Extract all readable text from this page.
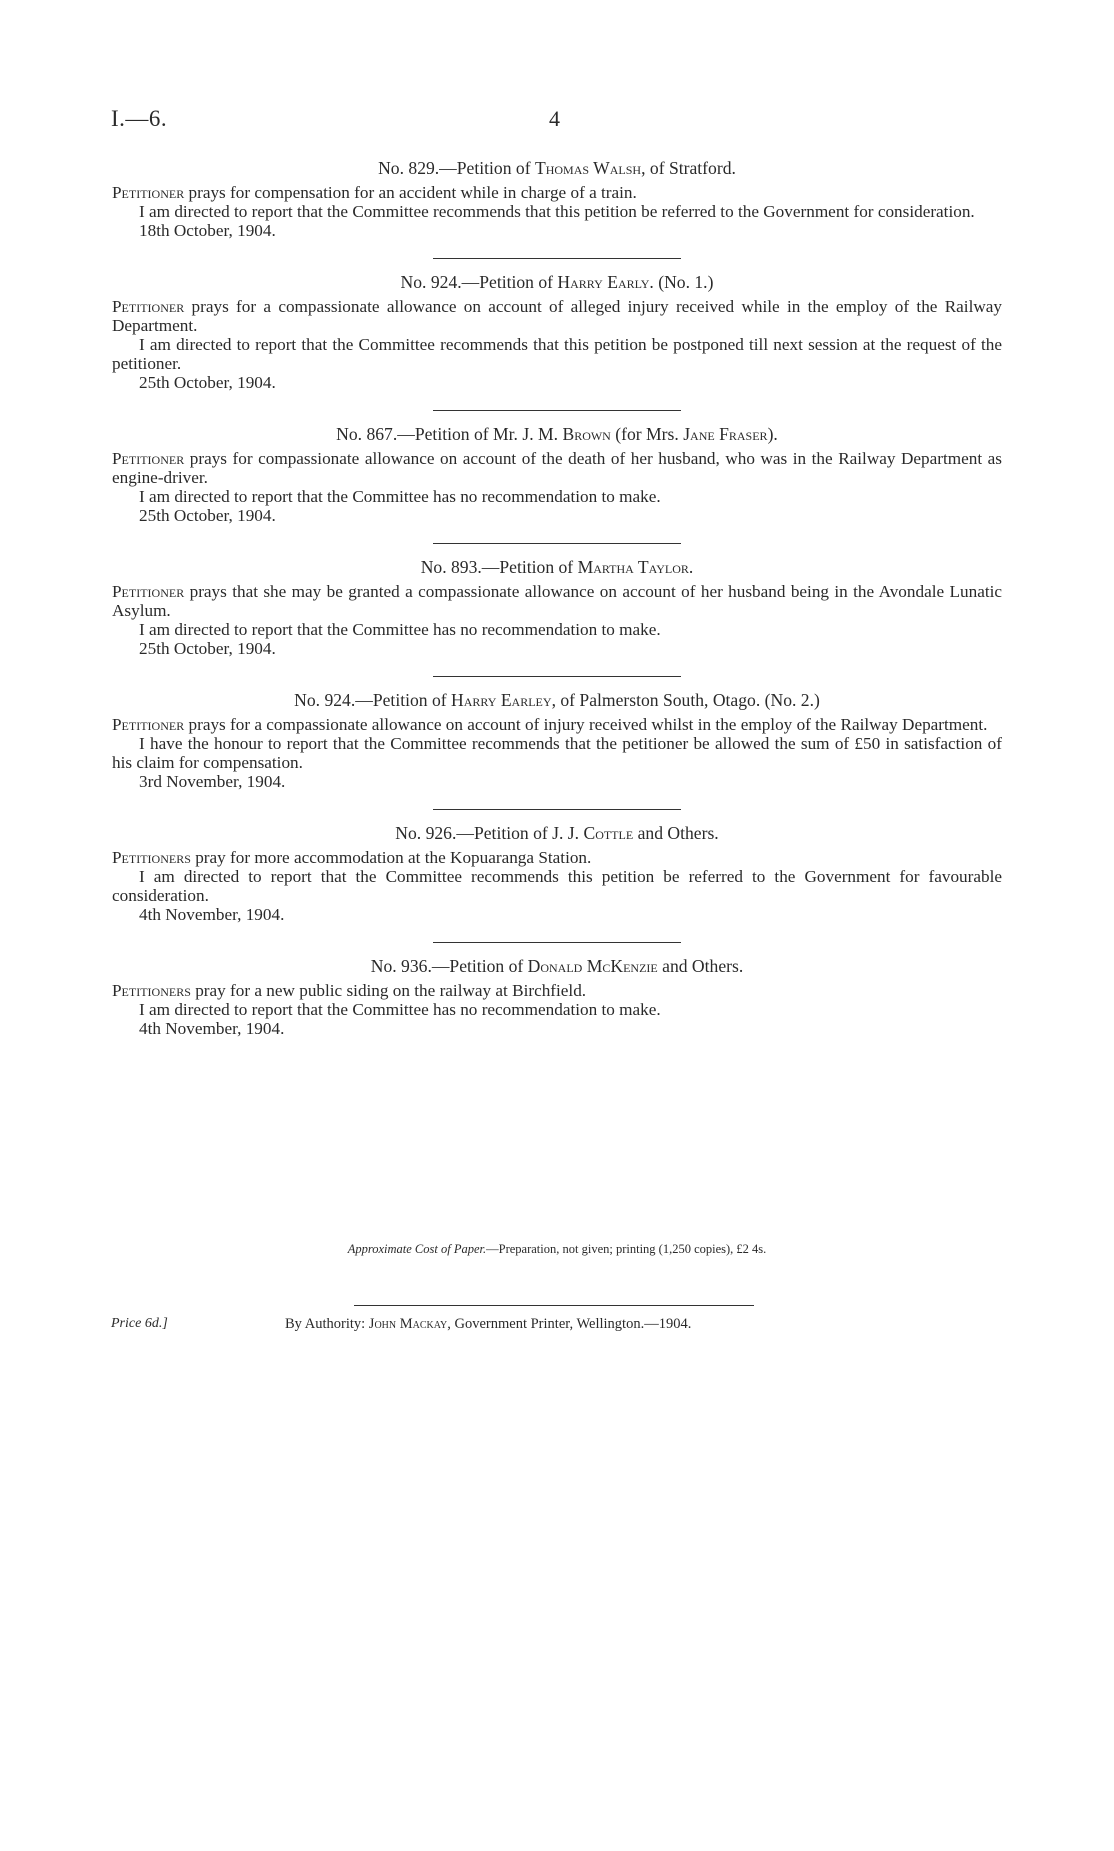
I.—6.	4
No. 829.—Petition of Thomas Walsh, of Stratford.

Petitioner prays for compensation for an accident while in charge of a train.

I am directed to report that the Committee recommends that this petition be referred to the Government for consideration.

18th October, 1904.
No. 924.—Petition of Harry Early. (No. 1.)

Petitioner prays for a compassionate allowance on account of alleged injury received while in the employ of the Railway Department.

I am directed to report that the Committee recommends that this petition be postponed till next session at the request of the petitioner.

25th October, 1904.
No. 867.—Petition of Mr. J. M. Brown (for Mrs. Jane Fraser).

Petitioner prays for compassionate allowance on account of the death of her husband, who was in the Railway Department as engine-driver.

I am directed to report that the Committee has no recommendation to make.

25th October, 1904.
No. 893.—Petition of Martha Taylor.

Petitioner prays that she may be granted a compassionate allowance on account of her husband being in the Avondale Lunatic Asylum.

I am directed to report that the Committee has no recommendation to make.

25th October, 1904.
No. 924.—Petition of Harry Earley, of Palmerston South, Otago. (No. 2.)

Petitioner prays for a compassionate allowance on account of injury received whilst in the employ of the Railway Department.

I have the honour to report that the Committee recommends that the petitioner be allowed the sum of £50 in satisfaction of his claim for compensation.

3rd November, 1904.
No. 926.—Petition of J. J. Cottle and Others.

Petitioners pray for more accommodation at the Kopuaranga Station.

I am directed to report that the Committee recommends this petition be referred to the Government for favourable consideration.

4th November, 1904.
No. 936.—Petition of Donald McKenzie and Others.

Petitioners pray for a new public siding on the railway at Birchfield.

I am directed to report that the Committee has no recommendation to make.

4th November, 1904.
Approximate Cost of Paper.—Preparation, not given; printing (1,250 copies), £2 4s.
Price 6d.]	By Authority: John Mackay, Government Printer, Wellington.—1904.
